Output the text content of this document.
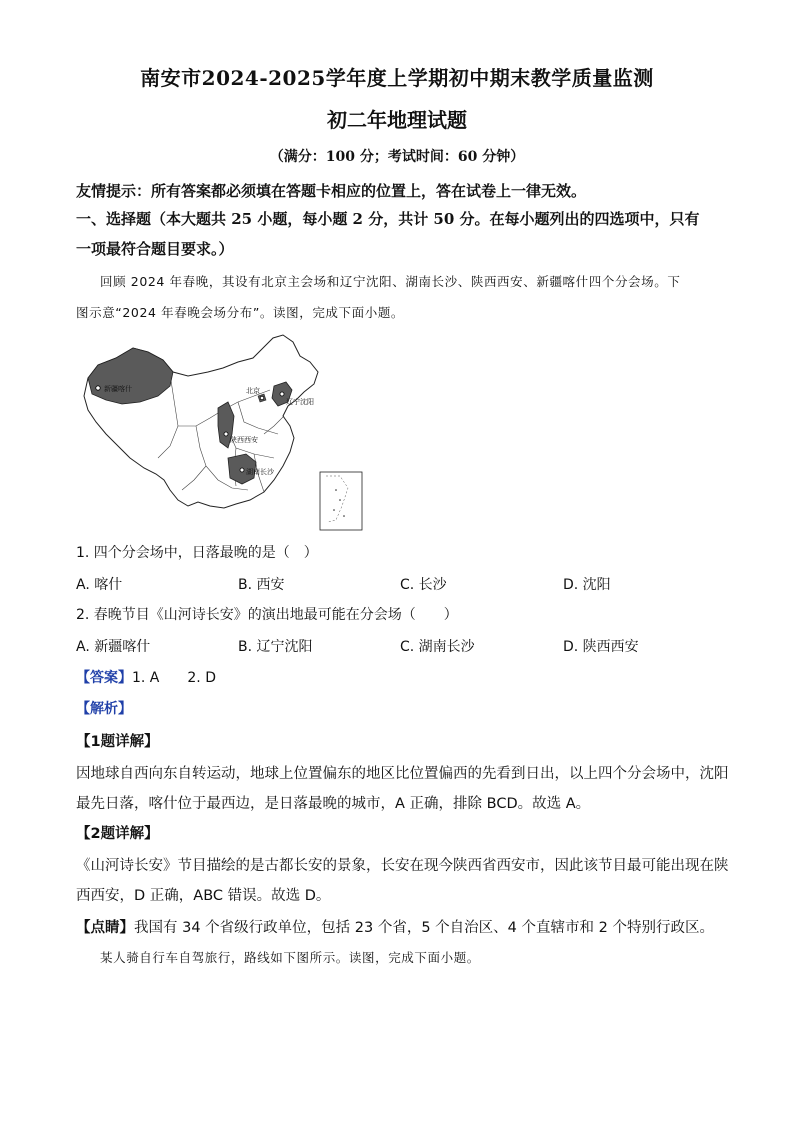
南安市2024-2025学年度上学期初中期末教学质量监测
初二年地理试题
（满分：100 分；考试时间：60 分钟）
友情提示：所有答案都必须填在答题卡相应的位置上，答在试卷上一律无效。
一、选择题（本大题共 25 小题，每小题 2 分，共计 50 分。在每小题列出的四选项中，只有
一项最符合题目要求。）
回顾 2024 年春晚，其设有北京主会场和辽宁沈阳、湖南长沙、陕西西安、新疆喀什四个分会场。下
图示意“2024 年春晚会场分布”。读图，完成下面小题。
新疆喀什
辽宁沈阳
北京
陕西西安
湖南长沙
1. 四个分会场中，日落最晚的是（　）
A. 喀什	B. 西安	C. 长沙	D. 沈阳
2. 春晚节目《山河诗长安》的演出地最可能在分会场（　　）
A. 新疆喀什	B. 辽宁沈阳	C. 湖南长沙	D. 陕西西安
【答案】1. A　　2. D
【解析】
【1题详解】
因地球自西向东自转运动，地球上位置偏东的地区比位置偏西的先看到日出，以上四个分会场中，沈阳
最先日落，喀什位于最西边，是日落最晚的城市，A 正确，排除 BCD。故选 A。
【2题详解】
《山河诗长安》节目描绘的是古都长安的景象，长安在现今陕西省西安市，因此该节目最可能出现在陕
西西安，D 正确，ABC 错误。故选 D。
【点睛】我国有 34 个省级行政单位，包括 23 个省，5 个自治区、4 个直辖市和 2 个特别行政区。
某人骑自行车自驾旅行，路线如下图所示。读图，完成下面小题。
